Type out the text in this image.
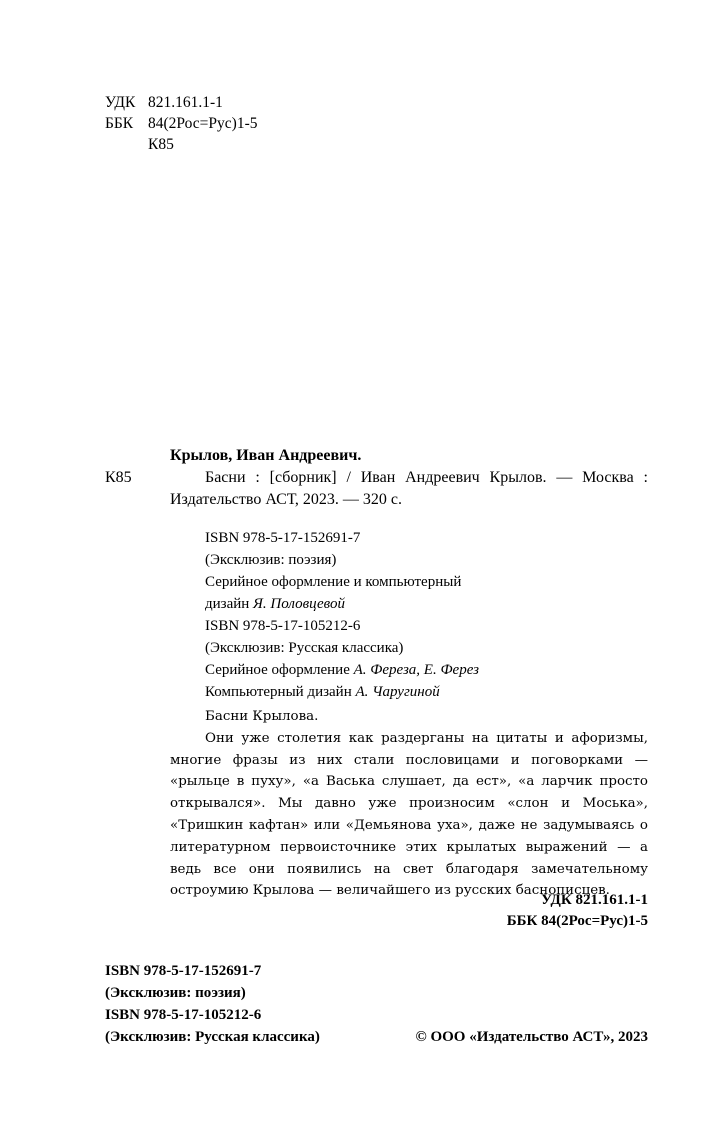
УДК 821.161.1-1
ББК 84(2Рос=Рус)1-5
К85
Крылов, Иван Андреевич.
К85	Басни : [сборник] / Иван Андреевич Крылов. — Москва : Издательство АСТ, 2023. — 320 с.
ISBN 978-5-17-152691-7
(Эксклюзив: поэзия)
Серийное оформление и компьютерный
дизайн Я. Половцевой
ISBN 978-5-17-105212-6
(Эксклюзив: Русская классика)
Серийное оформление А. Фереза, Е. Ферез
Компьютерный дизайн А. Чаругиной

Басни Крылова.

Они уже столетия как раздерганы на цитаты и афоризмы, многие фразы из них стали пословицами и поговорками — «рыльце в пуху», «а Васька слушает, да ест», «а ларчик просто открывался». Мы давно уже произносим «слон и Моська», «Тришкин кафтан» или «Демьянова уха», даже не задумываясь о литературном первоисточнике этих крылатых выражений — а ведь все они появились на свет благодаря замечательному остроумию Крылова — величайшего из русских баснописцев.

УДК 821.161.1-1
ББК 84(2Рос=Рус)1-5
ISBN 978-5-17-152691-7
(Эксклюзив: поэзия)
ISBN 978-5-17-105212-6
(Эксклюзив: Русская классика)	© ООО «Издательство АСТ», 2023
